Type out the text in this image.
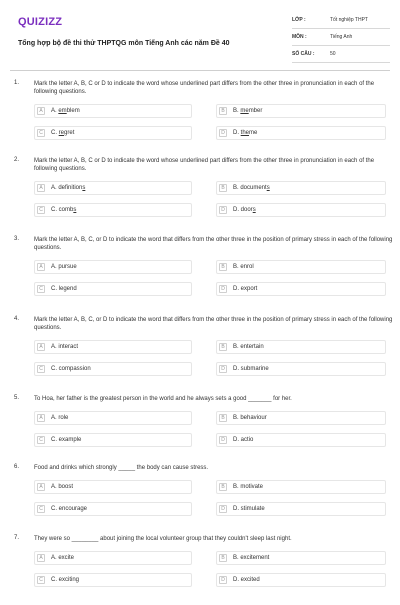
QUIZIZZ
Tổng hợp bộ đề thi thử THPTQG môn Tiếng Anh các năm Đề 40
LỚP :	Tốt nghiệp THPT
MÔN :	Tiếng Anh
SỐ CÂU :	50
1. Mark the letter A, B, C or D to indicate the word whose underlined part differs from the other three in pronunciation in each of the following questions.
A	A. emblem	B	B. member
C	C. regret	D	D. theme
2. Mark the letter A, B, C or D to indicate the word whose underlined part differs from the other three in pronunciation in each of the following questions.
A	A. definitions	B	B. documents
C	C. combs	D	D. doors
3. Mark the letter A, B, C, or D to indicate the word that differs from the other three in the position of primary stress in each of the following questions.
A	A. pursue	B	B. enrol
C	C. legend	D	D. export
4. Mark the letter A, B, C, or D to indicate the word that differs from the other three in the position of primary stress in each of the following questions.
A	A. interact	B	B. entertain
C	C. compassion	D	D. submarine
5. To Hoa, her father is the greatest person in the world and he always sets a good _______ for her.
A	A. role	B	B. behaviour
C	C. example	D	D. actio
6. Food and drinks which strongly _____ the body can cause stress.
A	A. boost	B	B. motivate
C	C. encourage	D	D. stimulate
7. They were so ________ about joining the local volunteer group that they couldn't sleep last night.
A	A. excite	B	B. excitement
C	C. exciting	D	D. excited
